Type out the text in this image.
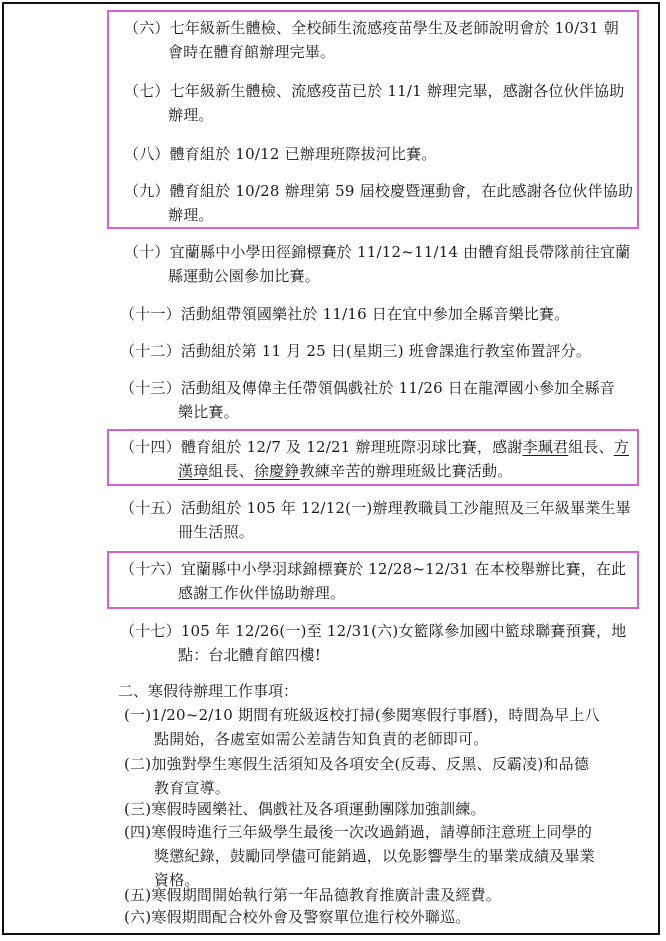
（六）七年級新生體檢、全校師生流感疫苗學生及老師說明會於 10/31 朝
會時在體育館辦理完畢。
（七）七年級新生體檢、流感疫苗已於 11/1 辦理完畢，感謝各位伙伴協助
辦理。
（八）體育組於 10/12 已辦理班際拔河比賽。
（九）體育組於 10/28 辦理第 59 屆校慶暨運動會，在此感謝各位伙伴協助
辦理。
（十）宜蘭縣中小學田徑錦標賽於 11/12~11/14 由體育組長帶隊前往宜蘭
縣運動公園參加比賽。
（十一）活動組帶領國樂社於 11/16 日在宜中參加全縣音樂比賽。
（十二）活動組於第 11 月 25 日(星期三) 班會課進行教室佈置評分。
（十三）活動組及傳偉主任帶領偶戲社於 11/26 日在龍潭國小參加全縣音
樂比賽。
（十四）體育組於 12/7 及 12/21 辦理班際羽球比賽，感謝李珮君組長、方
漢璋組長、徐慶錚教練辛苦的辦理班級比賽活動。
（十五）活動組於 105 年 12/12(一)辦理教職員工沙龍照及三年級畢業生畢
冊生活照。
（十六）宜蘭縣中小學羽球錦標賽於 12/28~12/31 在本校舉辦比賽，在此
感謝工作伙伴協助辦理。
（十七）105 年 12/26(一)至 12/31(六)女籃隊參加國中籃球聯賽預賽，地
點：台北體育館四樓!
二、寒假待辦理工作事項：
(一)1/20~2/10 期間有班級返校打掃(參閱寒假行事曆)，時間為早上八
點開始，各處室如需公差請告知負責的老師即可。
(二)加強對學生寒假生活須知及各項安全(反毒、反黑、反霸凌)和品德
教育宣導。
(三)寒假時國樂社、偶戲社及各項運動團隊加強訓練。
(四)寒假時進行三年級學生最後一次改過銷過，請導師注意班上同學的
獎懲紀錄，鼓勵同學儘可能銷過，以免影響學生的畢業成績及畢業
資格。
(五)寒假期間開始執行第一年品德教育推廣計畫及經費。
(六)寒假期間配合校外會及警察單位進行校外聯巡。
